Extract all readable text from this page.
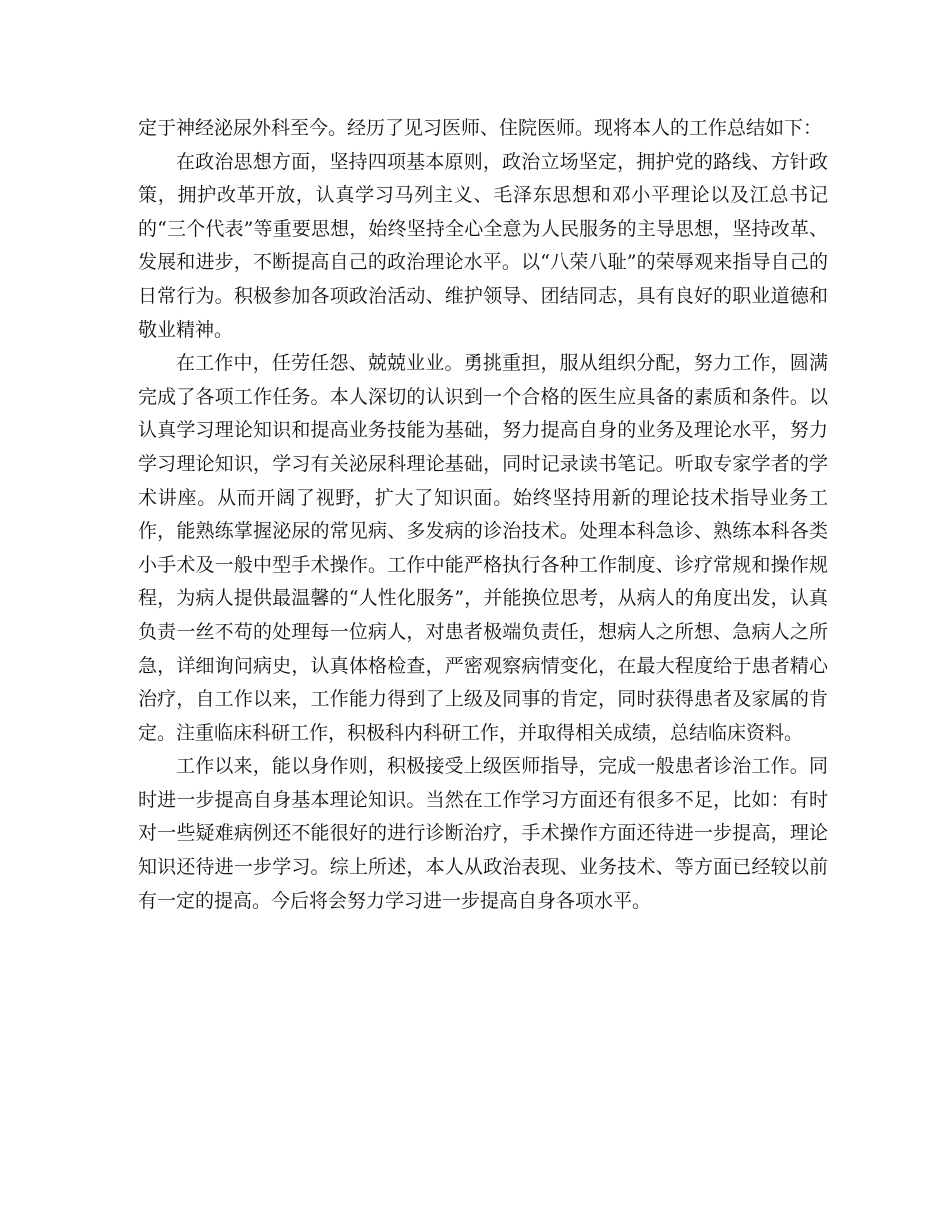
定于神经泌尿外科至今。经历了见习医师、住院医师。现将本人的工作总结如下：

在政治思想方面，坚持四项基本原则，政治立场坚定，拥护党的路线、方针政策，拥护改革开放，认真学习马列主义、毛泽东思想和邓小平理论以及江总书记的“三个代表”等重要思想，始终坚持全心全意为人民服务的主导思想，坚持改革、发展和进步，不断提高自己的政治理论水平。以“八荣八耻”的荣辱观来指导自己的日常行为。积极参加各项政治活动、维护领导、团结同志，具有良好的职业道德和敬业精神。

在工作中，任劳任怨、兢兢业业。勇挑重担，服从组织分配，努力工作，圆满完成了各项工作任务。本人深切的认识到一个合格的医生应具备的素质和条件。以认真学习理论知识和提高业务技能为基础，努力提高自身的业务及理论水平，努力学习理论知识，学习有关泌尿科理论基础，同时记录读书笔记。听取专家学者的学术讲座。从而开阔了视野，扩大了知识面。始终坚持用新的理论技术指导业务工作，能熟练掌握泌尿的常见病、多发病的诊治技术。处理本科急诊、熟练本科各类小手术及一般中型手术操作。工作中能严格执行各种工作制度、诊疗常规和操作规程，为病人提供最温馨的“人性化服务”，并能换位思考，从病人的角度出发，认真负责一丝不苟的处理每一位病人，对患者极端负责任，想病人之所想、急病人之所急，详细询问病史，认真体格检查，严密观察病情变化，在最大程度给于患者精心治疗，自工作以来，工作能力得到了上级及同事的肯定，同时获得患者及家属的肯定。注重临床科研工作，积极科内科研工作，并取得相关成绩，总结临床资料。

工作以来，能以身作则，积极接受上级医师指导，完成一般患者诊治工作。同时进一步提高自身基本理论知识。当然在工作学习方面还有很多不足，比如：有时对一些疑难病例还不能很好的进行诊断治疗，手术操作方面还待进一步提高，理论知识还待进一步学习。综上所述，本人从政治表现、业务技术、等方面已经较以前有一定的提高。今后将会努力学习进一步提高自身各项水平。
